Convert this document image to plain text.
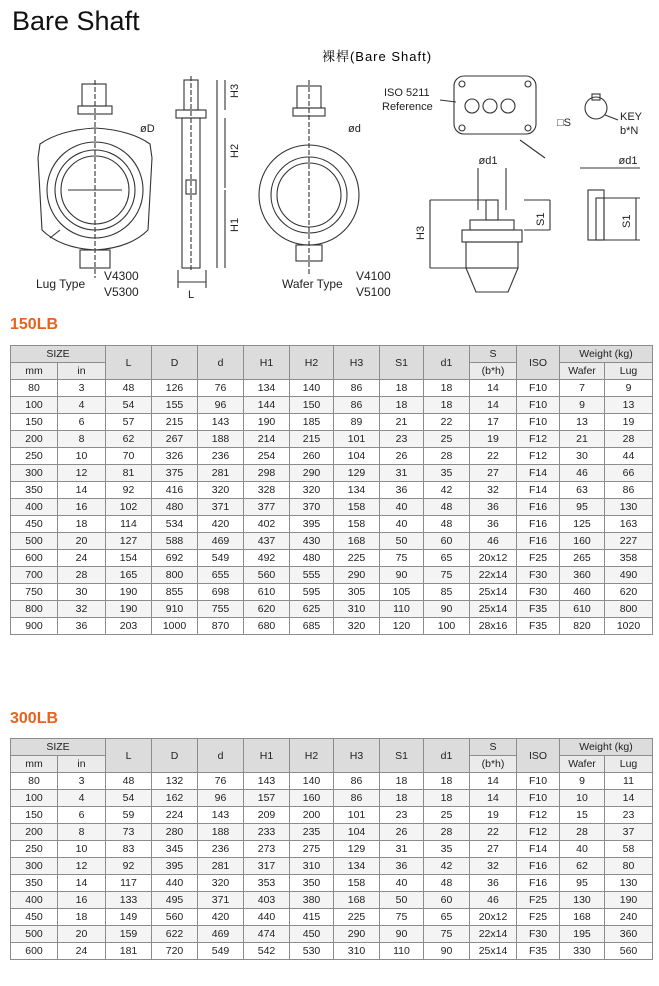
Bare Shaft
裸桿(Bare Shaft)
øD
Lug Type
V4300
V5300
H3
H2
H1
L
ød
Wafer Type
V4100
V5100
ISO 5211
Reference
□S	KEY
b*N
ød1
H3
S1
ød1
S1
150LB
SIZE		L	D	d	H1	H2	H3	S1	d1	S	ISO	Weight (kg)	
mm	in									(b*h)		Wafer	Lug
80	3	48	126	76	134	140	86	18	18	14	F10	7	9
100	4	54	155	96	144	150	86	18	18	14	F10	9	13
150	6	57	215	143	190	185	89	21	22	17	F10	13	19
200	8	62	267	188	214	215	101	23	25	19	F12	21	28
250	10	70	326	236	254	260	104	26	28	22	F12	30	44
300	12	81	375	281	298	290	129	31	35	27	F14	46	66
350	14	92	416	320	328	320	134	36	42	32	F14	63	86
400	16	102	480	371	377	370	158	40	48	36	F16	95	130
450	18	114	534	420	402	395	158	40	48	36	F16	125	163
500	20	127	588	469	437	430	168	50	60	46	F16	160	227
600	24	154	692	549	492	480	225	75	65	20x12	F25	265	358
700	28	165	800	655	560	555	290	90	75	22x14	F30	360	490
750	30	190	855	698	610	595	305	105	85	25x14	F30	460	620
800	32	190	910	755	620	625	310	110	90	25x14	F35	610	800
900	36	203	1000	870	680	685	320	120	100	28x16	F35	820	1020
300LB
SIZE		L	D	d	H1	H2	H3	S1	d1	S	ISO	Weight (kg)	
mm	in									(b*h)		Wafer	Lug
80	3	48	132	76	143	140	86	18	18	14	F10	9	11
100	4	54	162	96	157	160	86	18	18	14	F10	10	14
150	6	59	224	143	209	200	101	23	25	19	F12	15	23
200	8	73	280	188	233	235	104	26	28	22	F12	28	37
250	10	83	345	236	273	275	129	31	35	27	F14	40	58
300	12	92	395	281	317	310	134	36	42	32	F16	62	80
350	14	117	440	320	353	350	158	40	48	36	F16	95	130
400	16	133	495	371	403	380	168	50	60	46	F25	130	190
450	18	149	560	420	440	415	225	75	65	20x12	F25	168	240
500	20	159	622	469	474	450	290	90	75	22x14	F30	195	360
600	24	181	720	549	542	530	310	110	90	25x14	F35	330	560
